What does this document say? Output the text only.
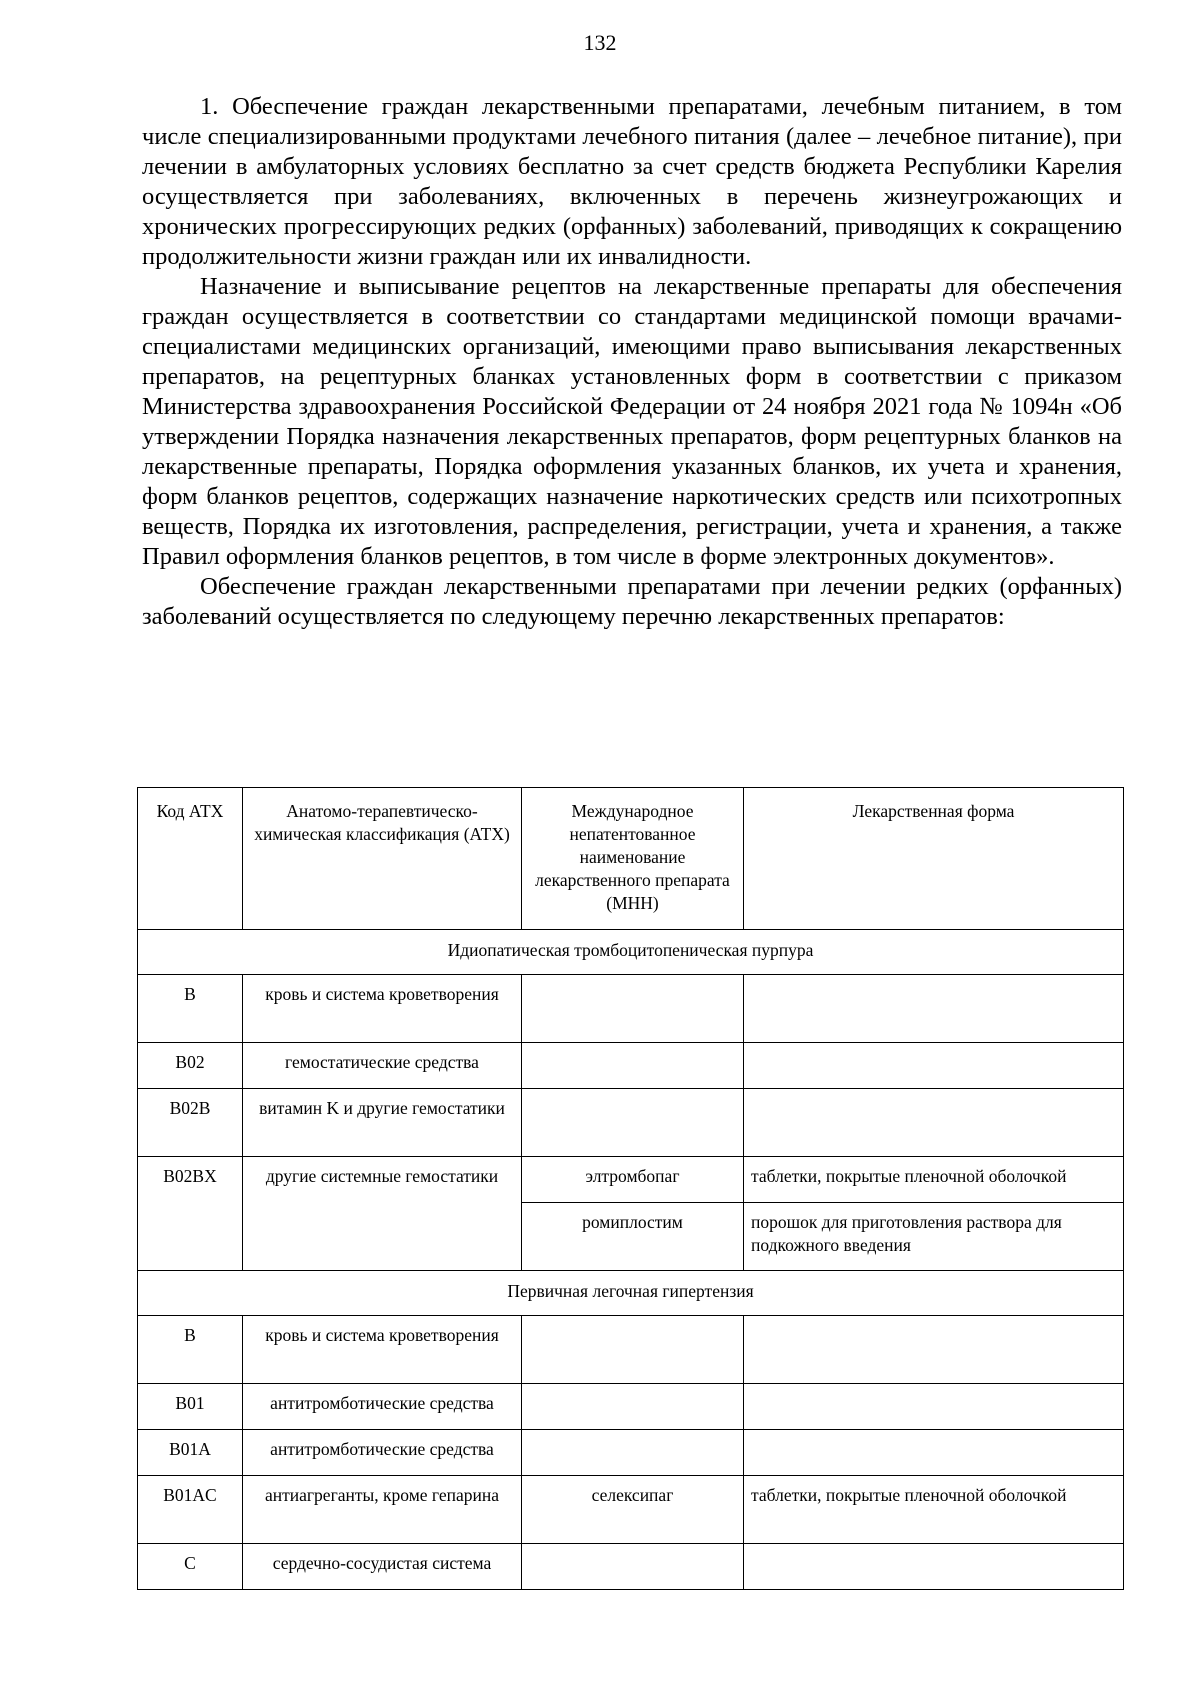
132

1. Обеспечение граждан лекарственными препаратами, лечебным питанием, в том числе специализированными продуктами лечебного питания (далее – лечебное питание), при лечении в амбулаторных условиях бесплатно за счет средств бюджета Республики Карелия осуществляется при заболеваниях, включенных в перечень жизнеугрожающих и хронических прогрессирующих редких (орфанных) заболеваний, приводящих к сокращению продолжительности жизни граждан или их инвалидности.

Назначение и выписывание рецептов на лекарственные препараты для обеспечения граждан осуществляется в соответствии со стандартами медицинской помощи врачами-специалистами медицинских организаций, имеющими право выписывания лекарственных препаратов, на рецептурных бланках установленных форм в соответствии с приказом Министерства здравоохранения Российской Федерации от 24 ноября 2021 года № 1094н «Об утверждении Порядка назначения лекарственных препаратов, форм рецептурных бланков на лекарственные препараты, Порядка оформления указанных бланков, их учета и хранения, форм бланков рецептов, содержащих назначение наркотических средств или психотропных веществ, Порядка их изготовления, распределения, регистрации, учета и хранения, а также Правил оформления бланков рецептов, в том числе в форме электронных документов».

Обеспечение граждан лекарственными препаратами при лечении редких (орфанных) заболеваний осуществляется по следующему перечню лекарственных препаратов:

Код АТХ	Анатомо-терапевтическо-химическая классификация (АТХ)	Международное непатентованное наименование лекарственного препарата (МНН)	Лекарственная форма
Идиопатическая тромбоцитопеническая пурпура			
B	кровь и система кроветворения		
B02	гемостатические средства		
B02B	витамин K и другие гемостатики		
B02BX	другие системные гемостатики	элтромбопаг	таблетки, покрытые пленочной оболочкой
		ромиплостим	порошок для приготовления раствора для подкожного введения
Первичная легочная гипертензия			
B	кровь и система кроветворения		
B01	антитромботические средства		
B01A	антитромботические средства		
B01AC	антиагреганты, кроме гепарина	селексипаг	таблетки, покрытые пленочной оболочкой
C	сердечно-сосудистая система		
